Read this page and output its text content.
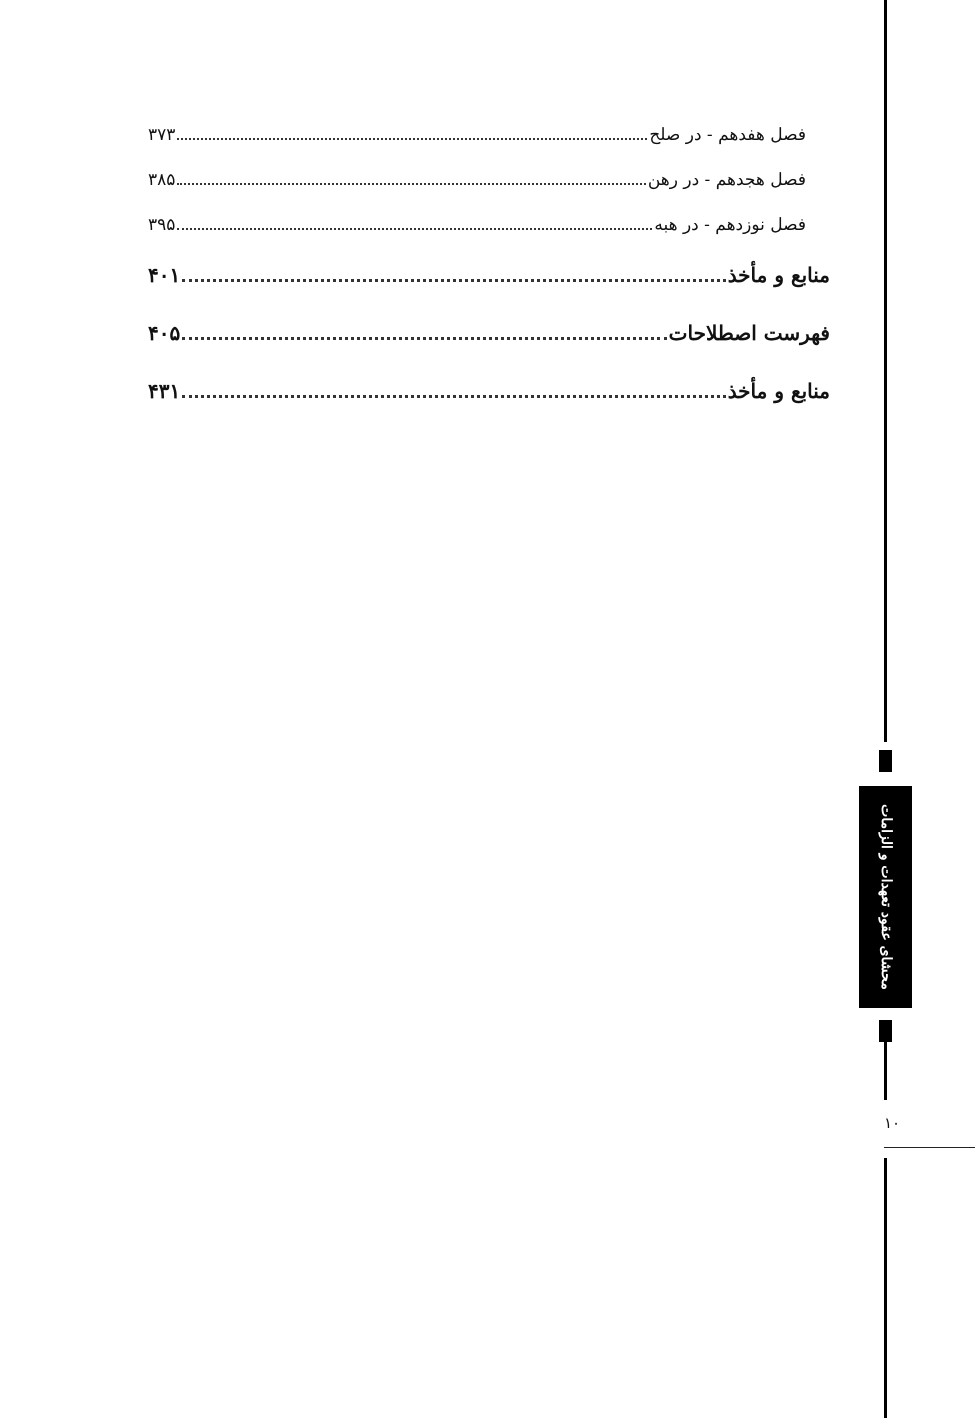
فصل هفدهم - در صلح
۳۷۳
فصل هجدهم - در رهن
۳۸۵
فصل نوزدهم - در هبه
۳۹۵
منابع و مأخذ
۴۰۱
فهرست اصطلاحات
۴۰۵
منابع و مأخذ
۴۳۱
محشای عقود تعهدات و الزامات
۱۰
